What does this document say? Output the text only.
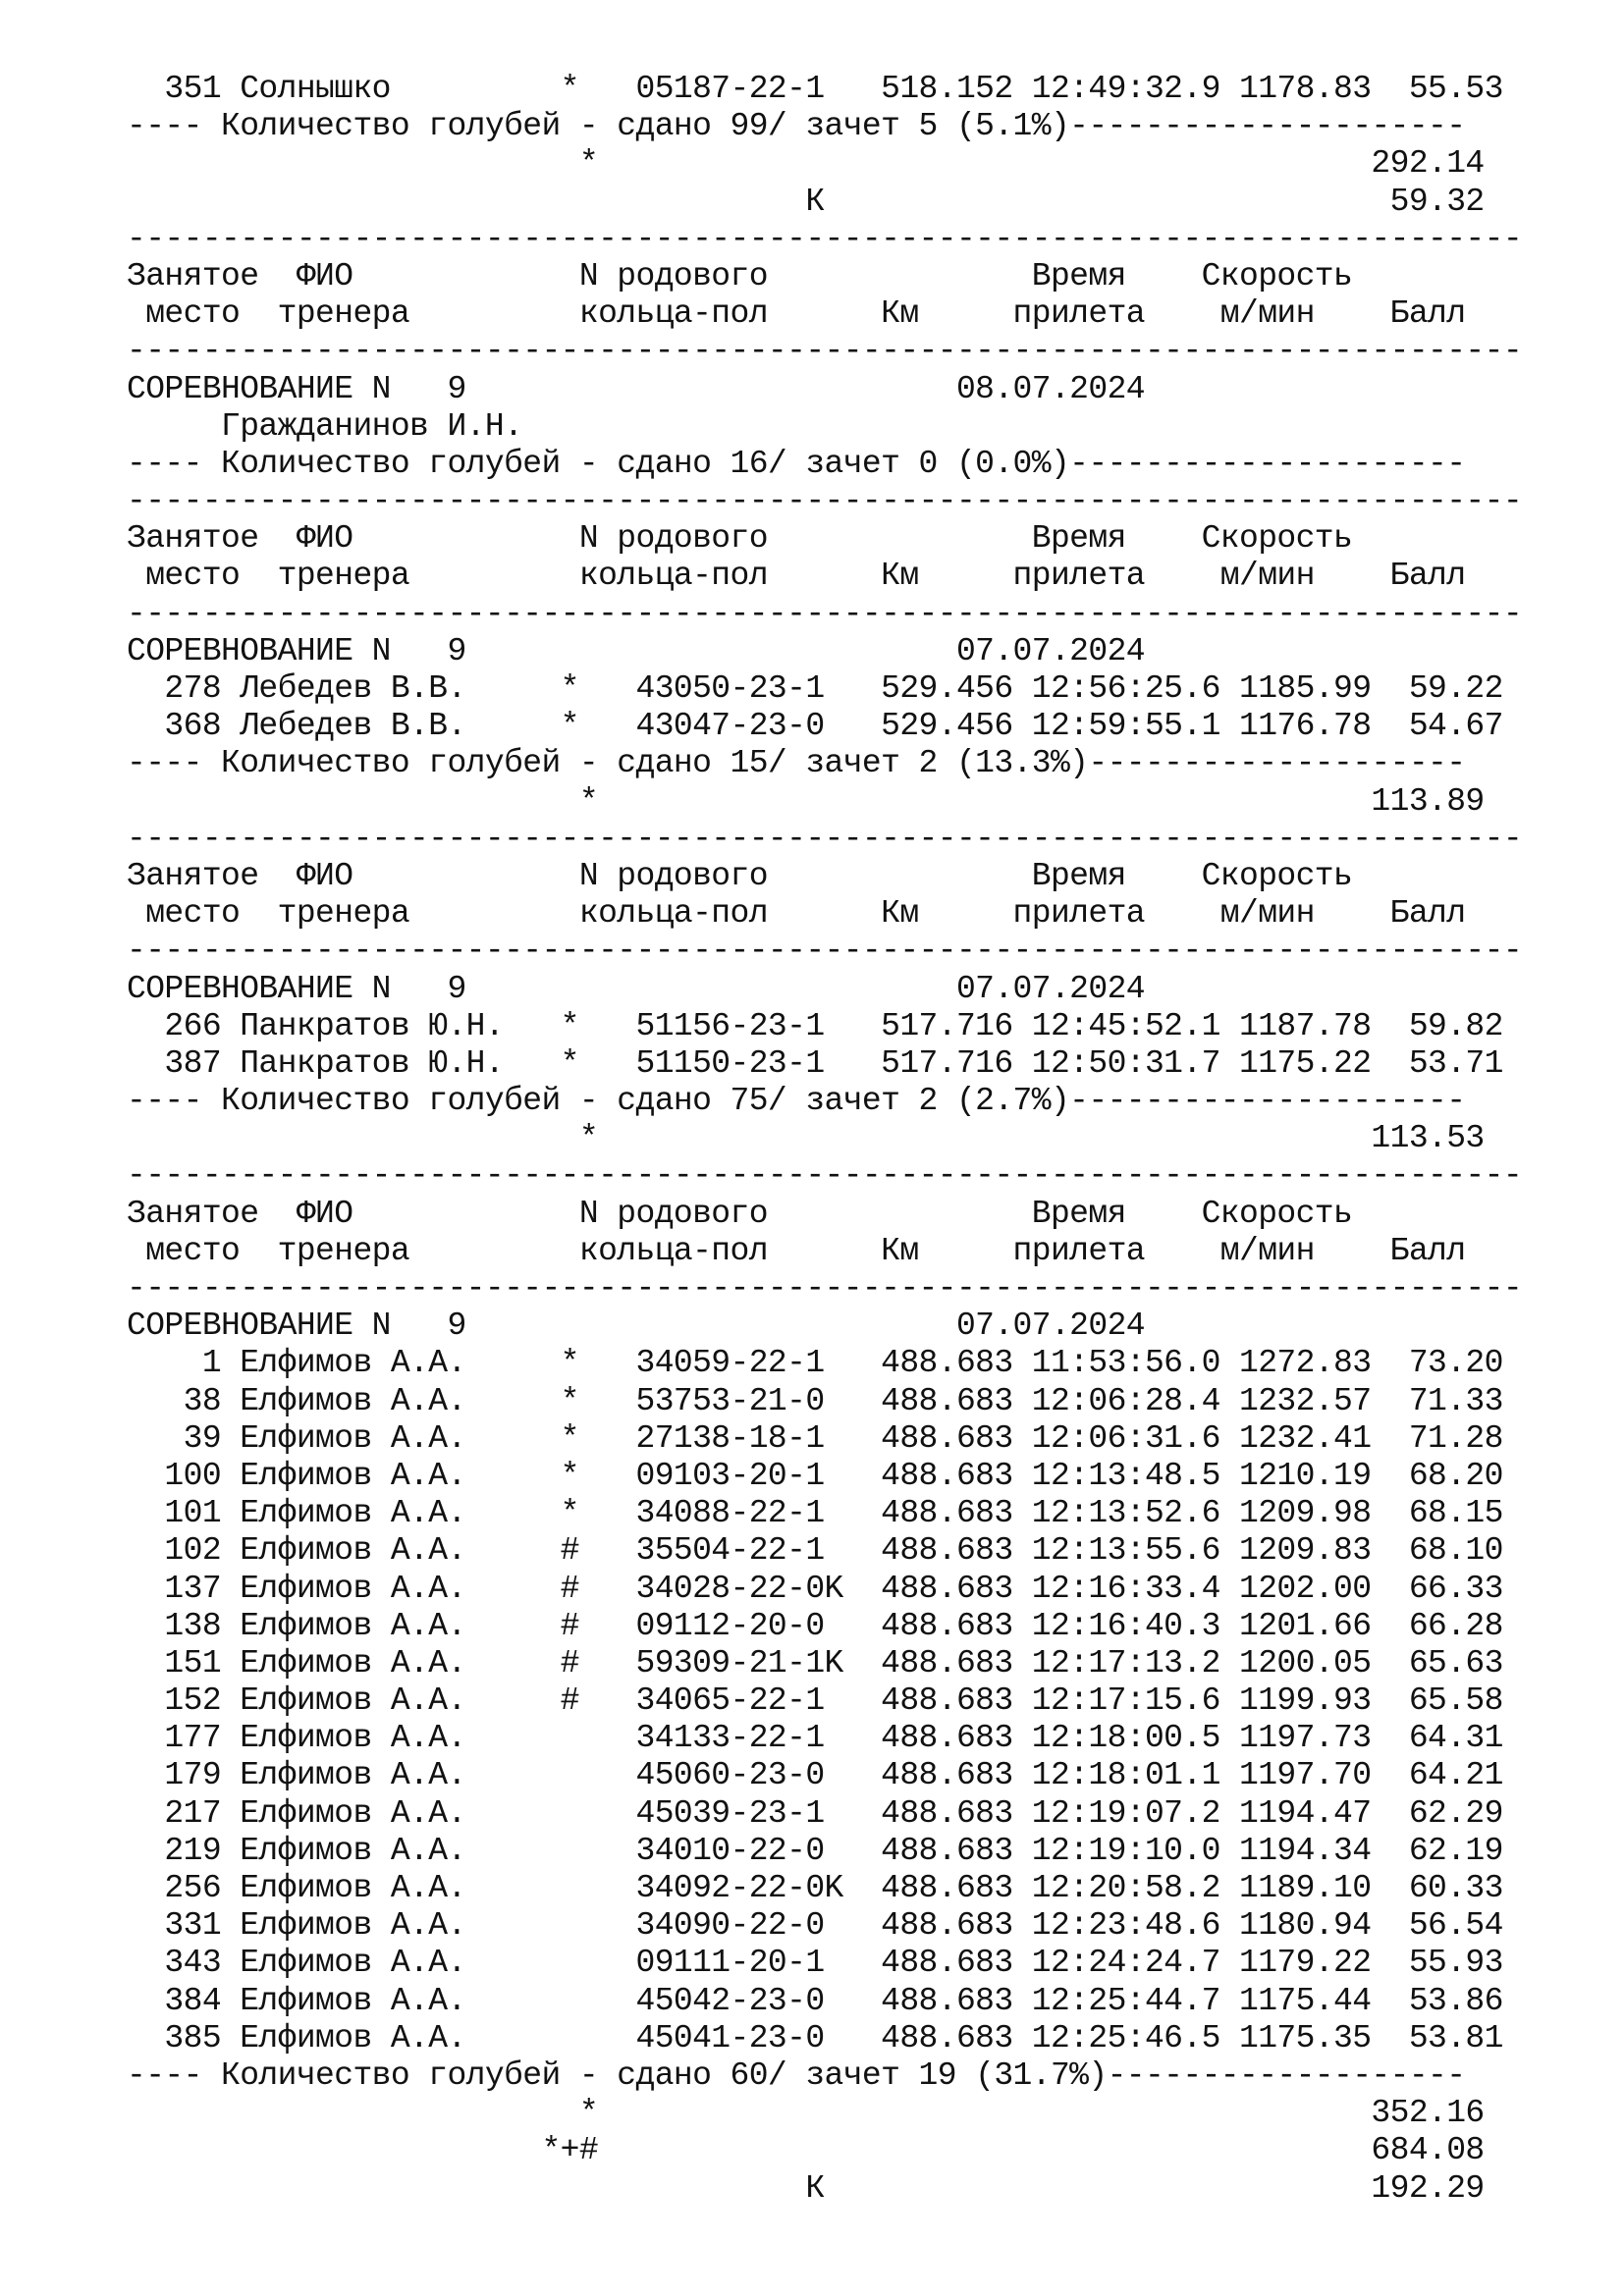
351 Солнышко         *   05187-22-1   518.152 12:49:32.9 1178.83  55.53
---- Количество голубей - сдано 99/ зачет 5 (5.1%)---------------------
*                                         292.14
К                              59.32
--------------------------------------------------------------------------
Занятое  ФИО            N родового              Время    Скорость
место  тренера         кольца-пол      Км     прилета    м/мин    Балл
--------------------------------------------------------------------------
СОРЕВНОВАНИЕ N   9                          08.07.2024
Гражданинов И.Н.
---- Количество голубей - сдано 16/ зачет 0 (0.0%)---------------------
--------------------------------------------------------------------------
Занятое  ФИО            N родового              Время    Скорость
место  тренера         кольца-пол      Км     прилета    м/мин    Балл
--------------------------------------------------------------------------
СОРЕВНОВАНИЕ N   9                          07.07.2024
278 Лебедев В.В.     *   43050-23-1   529.456 12:56:25.6 1185.99  59.22
368 Лебедев В.В.     *   43047-23-0   529.456 12:59:55.1 1176.78  54.67
---- Количество голубей - сдано 15/ зачет 2 (13.3%)--------------------
*                                         113.89
--------------------------------------------------------------------------
Занятое  ФИО            N родового              Время    Скорость
место  тренера         кольца-пол      Км     прилета    м/мин    Балл
--------------------------------------------------------------------------
СОРЕВНОВАНИЕ N   9                          07.07.2024
266 Панкратов Ю.Н.   *   51156-23-1   517.716 12:45:52.1 1187.78  59.82
387 Панкратов Ю.Н.   *   51150-23-1   517.716 12:50:31.7 1175.22  53.71
---- Количество голубей - сдано 75/ зачет 2 (2.7%)---------------------
*                                         113.53
--------------------------------------------------------------------------
Занятое  ФИО            N родового              Время    Скорость
место  тренера         кольца-пол      Км     прилета    м/мин    Балл
--------------------------------------------------------------------------
СОРЕВНОВАНИЕ N   9                          07.07.2024
1 Елфимов А.А.     *   34059-22-1   488.683 11:53:56.0 1272.83  73.20
38 Елфимов А.А.     *   53753-21-0   488.683 12:06:28.4 1232.57  71.33
39 Елфимов А.А.     *   27138-18-1   488.683 12:06:31.6 1232.41  71.28
100 Елфимов А.А.     *   09103-20-1   488.683 12:13:48.5 1210.19  68.20
101 Елфимов А.А.     *   34088-22-1   488.683 12:13:52.6 1209.98  68.15
102 Елфимов А.А.     #   35504-22-1   488.683 12:13:55.6 1209.83  68.10
137 Елфимов А.А.     #   34028-22-0K  488.683 12:16:33.4 1202.00  66.33
138 Елфимов А.А.     #   09112-20-0   488.683 12:16:40.3 1201.66  66.28
151 Елфимов А.А.     #   59309-21-1K  488.683 12:17:13.2 1200.05  65.63
152 Елфимов А.А.     #   34065-22-1   488.683 12:17:15.6 1199.93  65.58
177 Елфимов А.А.         34133-22-1   488.683 12:18:00.5 1197.73  64.31
179 Елфимов А.А.         45060-23-0   488.683 12:18:01.1 1197.70  64.21
217 Елфимов А.А.         45039-23-1   488.683 12:19:07.2 1194.47  62.29
219 Елфимов А.А.         34010-22-0   488.683 12:19:10.0 1194.34  62.19
256 Елфимов А.А.         34092-22-0K  488.683 12:20:58.2 1189.10  60.33
331 Елфимов А.А.         34090-22-0   488.683 12:23:48.6 1180.94  56.54
343 Елфимов А.А.         09111-20-1   488.683 12:24:24.7 1179.22  55.93
384 Елфимов А.А.         45042-23-0   488.683 12:25:44.7 1175.44  53.86
385 Елфимов А.А.         45041-23-0   488.683 12:25:46.5 1175.35  53.81
---- Количество голубей - сдано 60/ зачет 19 (31.7%)-------------------
*                                         352.16
*+#                                         684.08
К                             192.29
